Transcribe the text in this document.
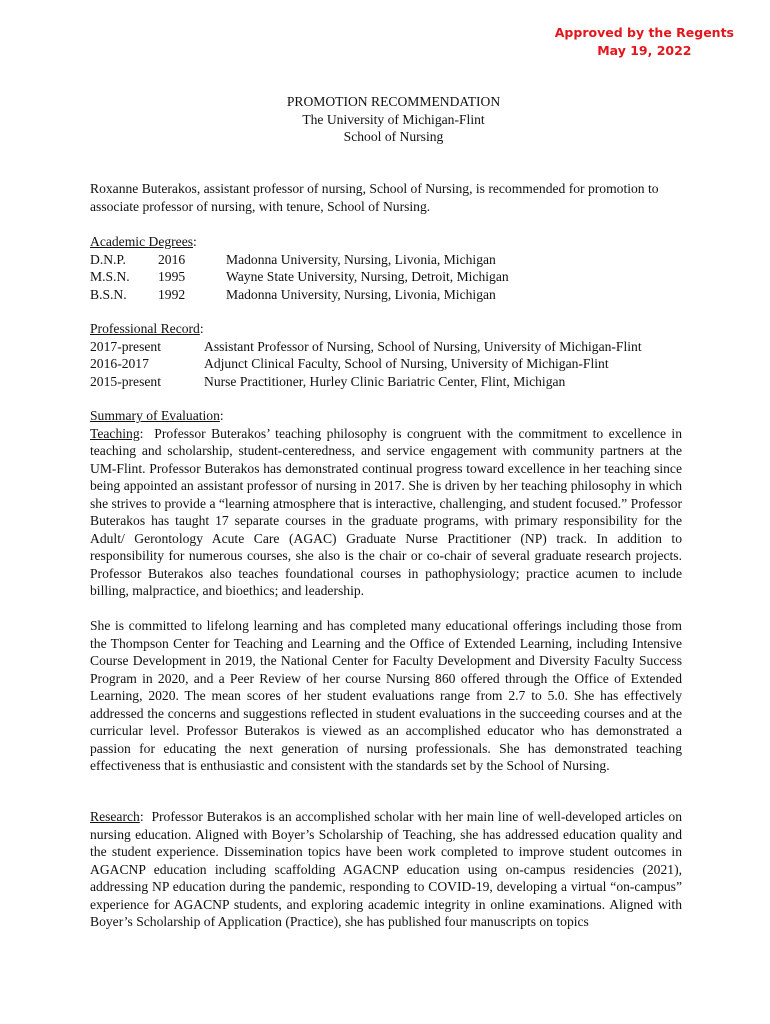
Approved by the Regents
May 19, 2022
PROMOTION RECOMMENDATION
The University of Michigan-Flint
School of Nursing

Roxanne Buterakos, assistant professor of nursing, School of Nursing, is recommended for promotion to associate professor of nursing, with tenure, School of Nursing.

Academic Degrees:
D.N.P.	2016	Madonna University, Nursing, Livonia, Michigan
M.S.N.	1995	Wayne State University, Nursing, Detroit, Michigan
B.S.N.	1992	Madonna University, Nursing, Livonia, Michigan
Professional Record:
2017-present	Assistant Professor of Nursing, School of Nursing, University of Michigan-Flint
2016-2017	Adjunct Clinical Faculty, School of Nursing, University of Michigan-Flint
2015-present	Nurse Practitioner, Hurley Clinic Bariatric Center, Flint, Michigan
Summary of Evaluation:

Teaching:  Professor Buterakos’ teaching philosophy is congruent with the commitment to excellence in teaching and scholarship, student-centeredness, and service engagement with community partners at the UM-Flint. Professor Buterakos has demonstrated continual progress toward excellence in her teaching since being appointed an assistant professor of nursing in 2017. She is driven by her teaching philosophy in which she strives to provide a “learning atmosphere that is interactive, challenging, and student focused.” Professor Buterakos has taught 17 separate courses in the graduate programs, with primary responsibility for the Adult/ Gerontology Acute Care (AGAC) Graduate Nurse Practitioner (NP) track. In addition to responsibility for numerous courses, she also is the chair or co-chair of several graduate research projects. Professor Buterakos also teaches foundational courses in pathophysiology; practice acumen to include billing, malpractice, and bioethics; and leadership.

She is committed to lifelong learning and has completed many educational offerings including those from the Thompson Center for Teaching and Learning and the Office of Extended Learning, including Intensive Course Development in 2019, the National Center for Faculty Development and Diversity Faculty Success Program in 2020, and a Peer Review of her course Nursing 860 offered through the Office of Extended Learning, 2020. The mean scores of her student evaluations range from 2.7 to 5.0. She has effectively addressed the concerns and suggestions reflected in student evaluations in the succeeding courses and at the curricular level. Professor Buterakos is viewed as an accomplished educator who has demonstrated a passion for educating the next generation of nursing professionals. She has demonstrated teaching effectiveness that is enthusiastic and consistent with the standards set by the School of Nursing.

Research:  Professor Buterakos is an accomplished scholar with her main line of well-developed articles on nursing education. Aligned with Boyer’s Scholarship of Teaching, she has addressed education quality and the student experience. Dissemination topics have been work completed to improve student outcomes in AGACNP education including scaffolding AGACNP education using on-campus residencies (2021), addressing NP education during the pandemic, responding to COVID-19, developing a virtual “on-campus” experience for AGACNP students, and exploring academic integrity in online examinations. Aligned with Boyer’s Scholarship of Application (Practice), she has published four manuscripts on topics
